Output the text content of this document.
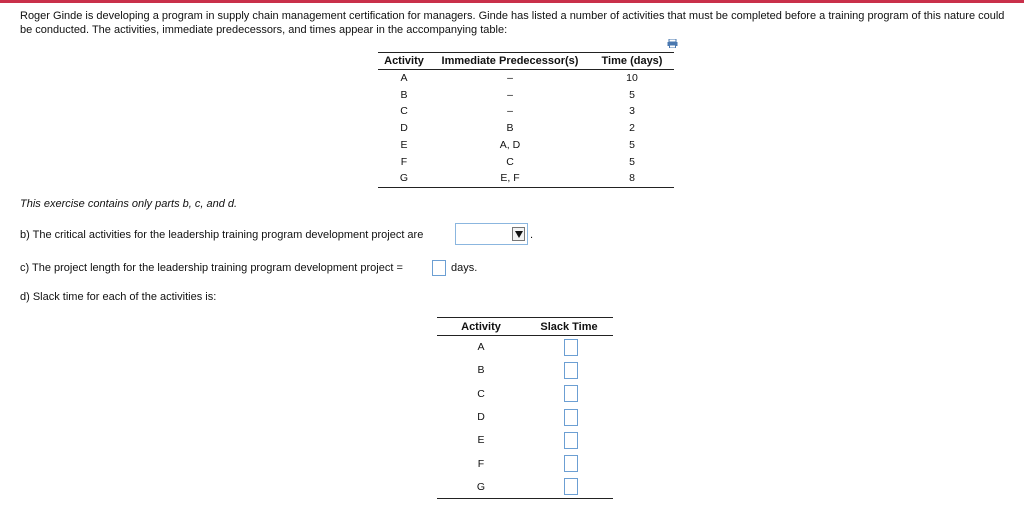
Roger Ginde is developing a program in supply chain management certification for managers. Ginde has listed a number of activities that must be completed before a training program of this nature could be conducted. The activities, immediate predecessors, and times appear in the accompanying table:

Activity	Immediate Predecessor(s)	Time (days)
A	–	10
B	–	5
C	–	3
D	B	2
E	A, D	5
F	C	5
G	E, F	8

This exercise contains only parts b, c, and d.

b) The critical activities for the leadership training program development project are	.

c) The project length for the leadership training program development project =	days.

d) Slack time for each of the activities is:

Activity	Slack Time
A	
B	
C	
D	
E	
F	
G	
